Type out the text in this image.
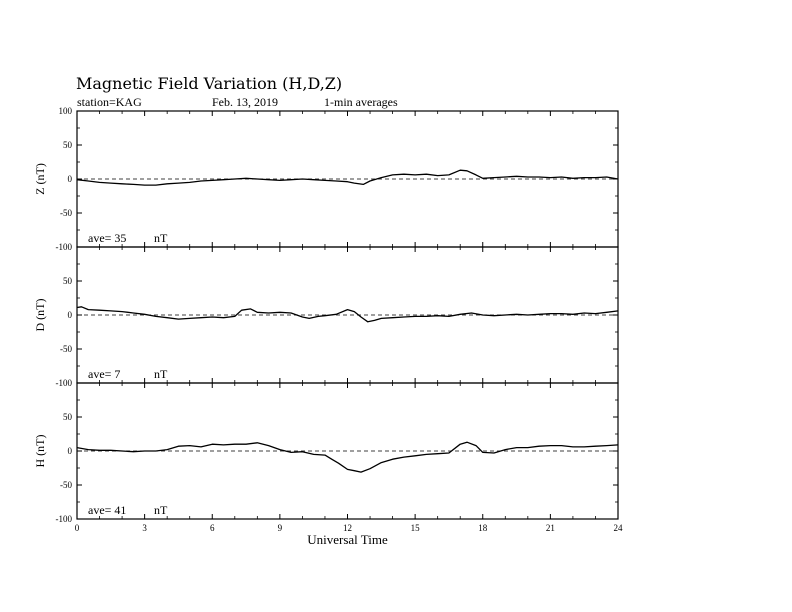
Magnetic Field Variation (H,D,Z)
station=KAG	Feb. 13, 2019	1-min averages
100
50
0
-50
-100
Z (nT)
ave= 35 nT
50
0
-50
-100
D (nT)
ave= 7	nT
50
0
-50
-100
H (nT)
ave= 41 nT
0	3	6	9	12	15	18	21	24
Universal Time
